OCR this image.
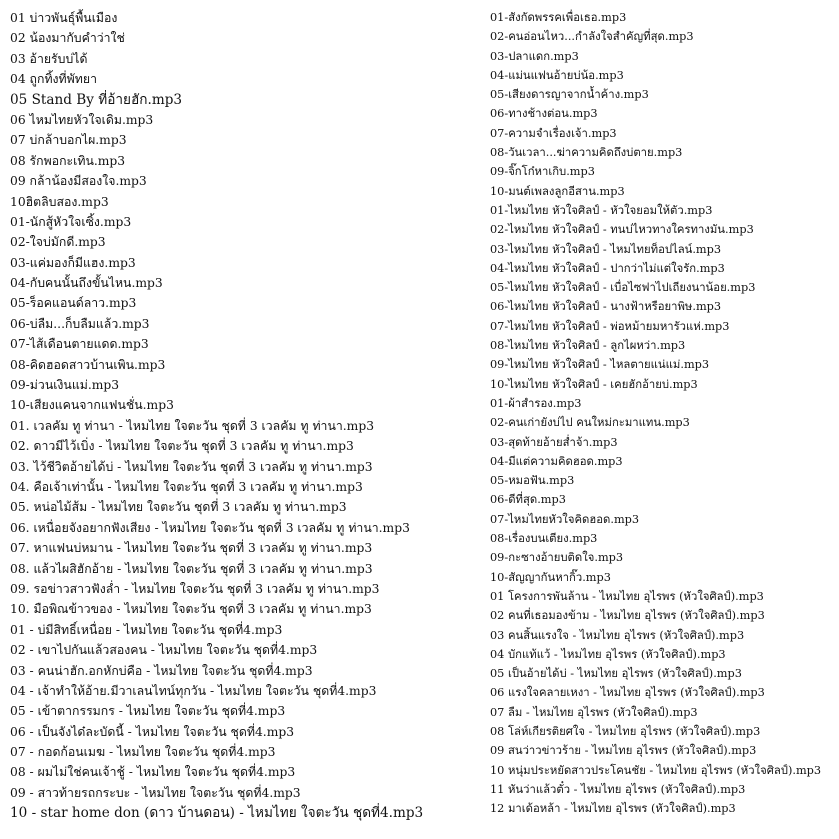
01 บ่าวพันธุ์พื้นเมือง
02 น้องมากับคำว่าใช่
03 อ้ายรับบ่ได้
04 ถูกทิ้งที่พัทยา
05 Stand By ที่อ้ายฮัก.mp3
06 ไหมไทยหัวใจเดิม.mp3
07 บ่กล้าบอกไผ.mp3
08 รักพอกะเทิน.mp3
09 กล้าน้องมีสองใจ.mp3
10ฮิตลิบสอง.mp3
01-นักสู้หัวใจเซิ้ง.mp3
02-ใจบ่มักดี.mp3
03-แค่มองก็มีแฮง.mp3
04-กับคนนั้นถึงขั้นไหน.mp3
05-ร็อคแอนด์ลาว.mp3
06-บ่ลืม...ก็บลืมแล้ว.mp3
07-ไส้เดือนตายแดด.mp3
08-คิดฮอดสาวบ้านเพิน.mp3
09-ม่วนเงินแม่.mp3
10-เสียงแคนจากแฟนชั่น.mp3
01. เวลคัม ทู ท่านา - ไหมไทย ใจตะวัน ชุดที่ 3 เวลคัม ทู ท่านา.mp3
02. ดาวมีไว้เบิ่ง - ไหมไทย ใจตะวัน ชุดที่ 3 เวลคัม ทู ท่านา.mp3
03. ไว้ชีวิตอ้ายได้บ่ - ไหมไทย ใจตะวัน ชุดที่ 3 เวลคัม ทู ท่านา.mp3
04. คือเจ้าเท่านั้น - ไหมไทย ใจตะวัน ชุดที่ 3 เวลคัม ทู ท่านา.mp3
05. หน่อไม้ส้ม - ไหมไทย ใจตะวัน ชุดที่ 3 เวลคัม ทู ท่านา.mp3
06. เหนื่อยจังอยากฟังเสียง - ไหมไทย ใจตะวัน ชุดที่ 3 เวลคัม ทู ท่านา.mp3
07. หาแฟนบ่หมาน - ไหมไทย ใจตะวัน ชุดที่ 3 เวลคัม ทู ท่านา.mp3
08. แล้วไผสิฮักอ้าย - ไหมไทย ใจตะวัน ชุดที่ 3 เวลคัม ทู ท่านา.mp3
09. รอข่าวสาวฟังล่ำ - ไหมไทย ใจตะวัน ชุดที่ 3 เวลคัม ทู ท่านา.mp3
10. มือพิณข้าวของ - ไหมไทย ใจตะวัน ชุดที่ 3 เวลคัม ทู ท่านา.mp3
01 - บ่มีสิทธิ์เหนื่อย - ไหมไทย ใจตะวัน ชุดที่4.mp3
02 - เขาไปกันแล้วสองคน - ไหมไทย ใจตะวัน ชุดที่4.mp3
03 - คนน่าฮัก.อกหักบ่คือ - ไหมไทย ใจตะวัน ชุดที่4.mp3
04 - เจ้าทำให้อ้าย.มีวาเลนไทน์ทุกวัน - ไหมไทย ใจตะวัน ชุดที่4.mp3
05 - เข้าตากรรมกร - ไหมไทย ใจตะวัน ชุดที่4.mp3
06 - เป็นจังได๋ละบัดนี้ - ไหมไทย ใจตะวัน ชุดที่4.mp3
07 - กอดก้อนเมฆ - ไหมไทย ใจตะวัน ชุดที่4.mp3
08 - ผมไม่ใช่คนเจ้าชู้ - ไหมไทย ใจตะวัน ชุดที่4.mp3
09 - สาวท้ายรถกระบะ - ไหมไทย ใจตะวัน ชุดที่4.mp3
10 - star home don (ดาว บ้านดอน) - ไหมไทย ใจตะวัน ชุดที่4.mp3
01-สังกัดพรรคเพื่อเธอ.mp3
02-คนอ่อนไหว...กำลังใจสำคัญที่สุด.mp3
03-ปลาแดก.mp3
04-แม่นแฟนอ้ายบ่น้อ.mp3
05-เสียงดารญาจากน้ำค้าง.mp3
06-ทางช้างต่อน.mp3
07-ความจำเรื่องเจ้า.mp3
08-วันเวลา...ฆ่าความคิดถึงบ่ตาย.mp3
09-จิ๊กโก๋หาเกิบ.mp3
10-มนต์เพลงลูกอีสาน.mp3
01-ไหมไทย หัวใจศิลป์ - หัวใจยอมให้ตัว.mp3
02-ไหมไทย หัวใจศิลป์ - ทนบ่ไหวทางใครทางมัน.mp3
03-ไหมไทย หัวใจศิลป์ - ไหมไทยท็อปไลน์.mp3
04-ไหมไทย หัวใจศิลป์ - ปากว่าไม่แต่ใจรัก.mp3
05-ไหมไทย หัวใจศิลป์ - เบื่อไซฟาไปเถียงนาน้อย.mp3
06-ไหมไทย หัวใจศิลป์ - นางฟ้าหรือยาพิษ.mp3
07-ไหมไทย หัวใจศิลป์ - พ่อหม้ายมหารัวแห่.mp3
08-ไหมไทย หัวใจศิลป์ - ลูกไผหว่า.mp3
09-ไหมไทย หัวใจศิลป์ - ไหลตายแน่แม่.mp3
10-ไหมไทย หัวใจศิลป์ - เคยฮักอ้ายบ่.mp3
01-ผ้าสำรอง.mp3
02-คนเก่ายังบ่ไป คนใหม่กะมาแทน.mp3
03-สุดท้ายอ้ายส่ำจ้า.mp3
04-มีแต่ความคิดฮอด.mp3
05-หมอฟัน.mp3
06-ดีที่สุด.mp3
07-ไหมไทยหัวใจคิดฮอด.mp3
08-เรื่องบนเตียง.mp3
09-กะซางอ้ายบติดใจ.mp3
10-สัญญากันหากิ๊ว.mp3
01 โครงการพันล้าน - ไหมไทย อุไรพร (หัวใจศิลป์).mp3
02 คนที่เธอมองข้าม - ไหมไทย อุไรพร (หัวใจศิลป์).mp3
03 คนสิ้นแรงใจ - ไหมไทย อุไรพร (หัวใจศิลป์).mp3
04 บักแท้แว้ - ไหมไทย อุไรพร (หัวใจศิลป์).mp3
05 เป็นอ้ายได้บ่ - ไหมไทย อุไรพร (หัวใจศิลป์).mp3
06 แรงใจคลายเหงา - ไหมไทย อุไรพร (หัวใจศิลป์).mp3
07 ลืม - ไหมไทย อุไรพร (หัวใจศิลป์).mp3
08 โล่ห์เกียรติยศใจ - ไหมไทย อุไรพร (หัวใจศิลป์).mp3
09 สนว่าวข่าวร้าย - ไหมไทย อุไรพร (หัวใจศิลป์).mp3
10 หนุ่มประหยัดสาวประโคนชัย - ไหมไทย อุไรพร (หัวใจศิลป์).mp3
11 หันว่าแล้วตั๋ว - ไหมไทย อุไรพร (หัวใจศิลป์).mp3
12 มาเด้อหล้า - ไหมไทย อุไรพร (หัวใจศิลป์).mp3
